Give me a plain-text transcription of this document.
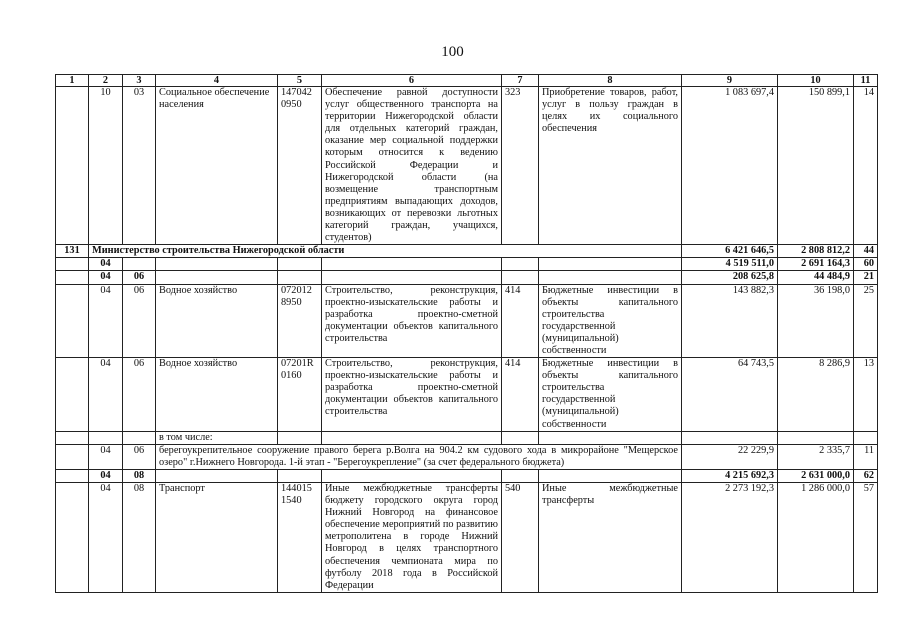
100
1	2	3	4	5	6	7	8	9	10	11
	10	03	Социальное обеспечение населения	147042 0950	Обеспечение равной доступности услуг общественного транспорта на территории Нижегородской области для отдельных категорий граждан, оказание мер социальной поддержки которым относится к ведению Российской Федерации и Нижегородской области (на возмещение транспортным предприятиям выпадающих доходов, возникающих от перевозки льготных категорий граждан, учащихся, студентов)	323	Приобретение товаров, работ, услуг в пользу граждан в целях их социального обеспечения	1 083 697,4	150 899,1	14
131	Министерство строительства Нижегородской области							6 421 646,5	2 808 812,2	44
	04							4 519 511,0	2 691 164,3	60
	04	06						208 625,8	44 484,9	21
	04	06	Водное хозяйство	072012 8950	Строительство, реконструкция, проектно-изыскательские работы и разработка проектно-сметной документации объектов капитального строительства	414	Бюджетные инвестиции в объекты капитального строительства государственной (муниципальной) собственности	143 882,3	36 198,0	25
	04	06	Водное хозяйство	07201R 0160	Строительство, реконструкция, проектно-изыскательские работы и разработка проектно-сметной документации объектов капитального строительства	414	Бюджетные инвестиции в объекты капитального строительства государственной (муниципальной) собственности	64 743,5	8 286,9	13
			в том числе:							
	04	06	берегоукрепительное сооружение правого берега р.Волга на 904.2 км судового хода в микрорайоне "Мещерское озеро" г.Нижнего Новгорода. 1-й этап - "Берегоукрепление" (за счет федерального бюджета)					22 229,9	2 335,7	11
	04	08						4 215 692,3	2 631 000,0	62
	04	08	Транспорт	144015 1540	Иные межбюджетные трансферты бюджету городского округа город Нижний Новгород на финансовое обеспечение мероприятий по развитию метрополитена в городе Нижний Новгород в целях транспортного обеспечения чемпионата мира по футболу 2018 года в Российской Федерации	540	Иные межбюджетные трансферты	2 273 192,3	1 286 000,0	57
